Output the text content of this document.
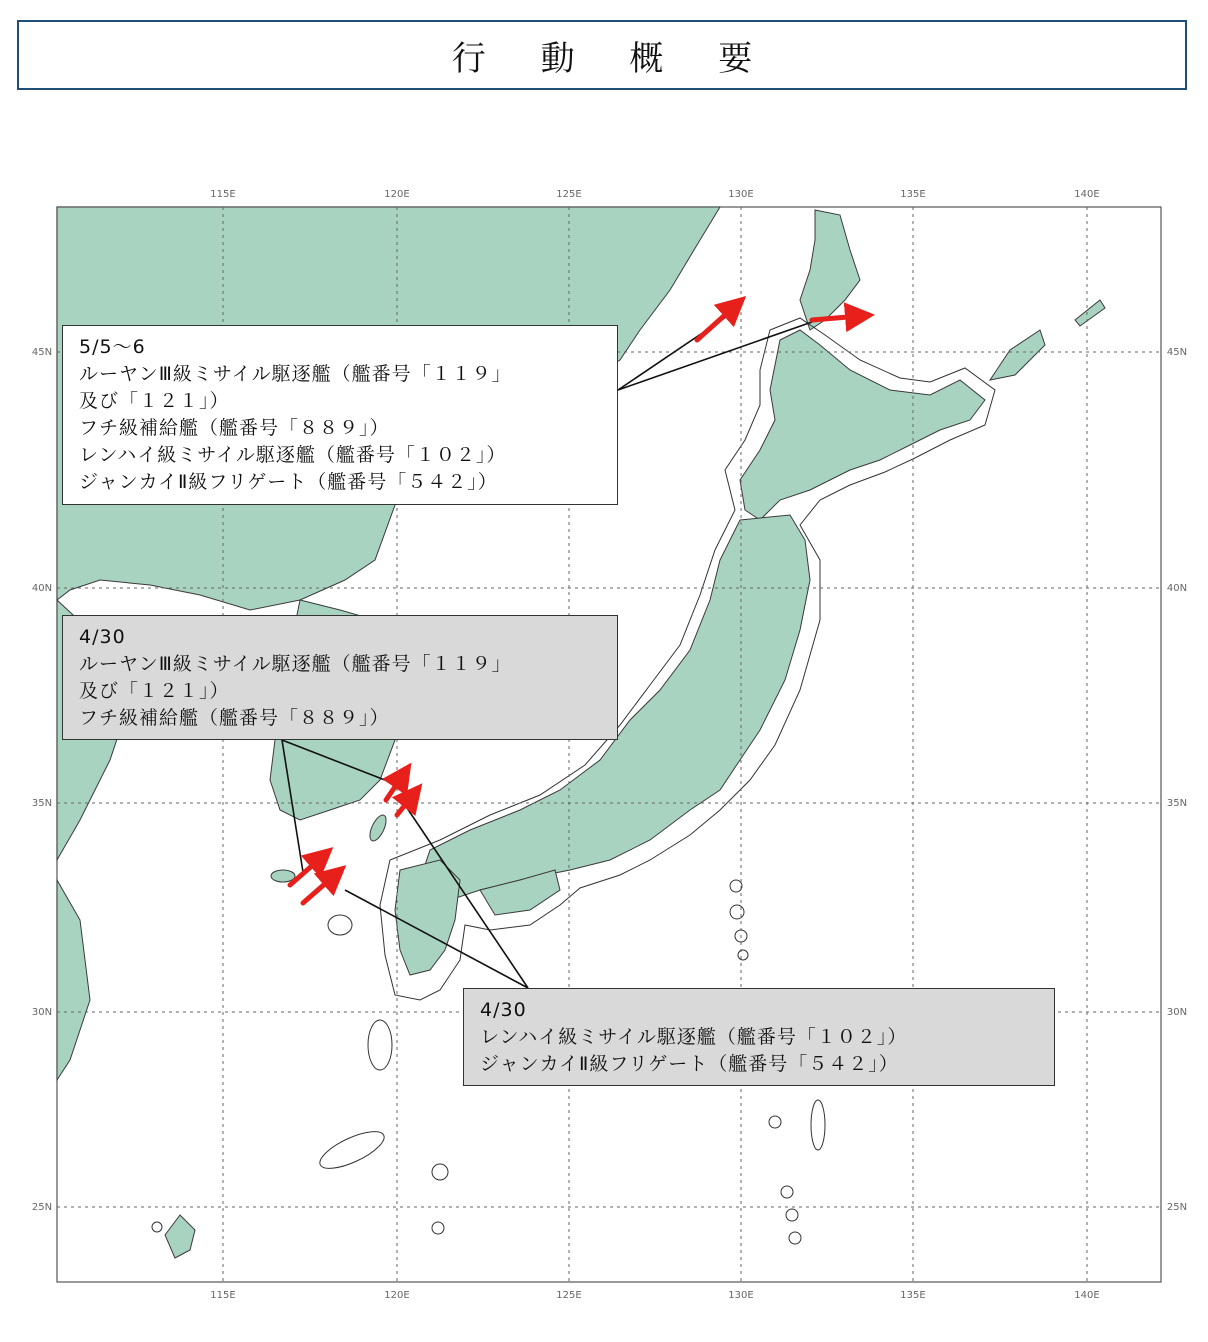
行 動 概 要
115E	120E	125E	130E	135E	140E
115E	120E	125E	130E	135E	140E
45N
40N
35N
30N
25N
45N
40N
35N
30N
25N
5/5～6
ルーヤンⅢ級ミサイル駆逐艦（艦番号「１１９」
及び「１２１」）
フチ級補給艦（艦番号「８８９」）
レンハイ級ミサイル駆逐艦（艦番号「１０２」）
ジャンカイⅡ級フリゲート（艦番号「５４２」）
4/30
ルーヤンⅢ級ミサイル駆逐艦（艦番号「１１９」
及び「１２１」）
フチ級補給艦（艦番号「８８９」）
4/30
レンハイ級ミサイル駆逐艦（艦番号「１０２」）
ジャンカイⅡ級フリゲート（艦番号「５４２」）
